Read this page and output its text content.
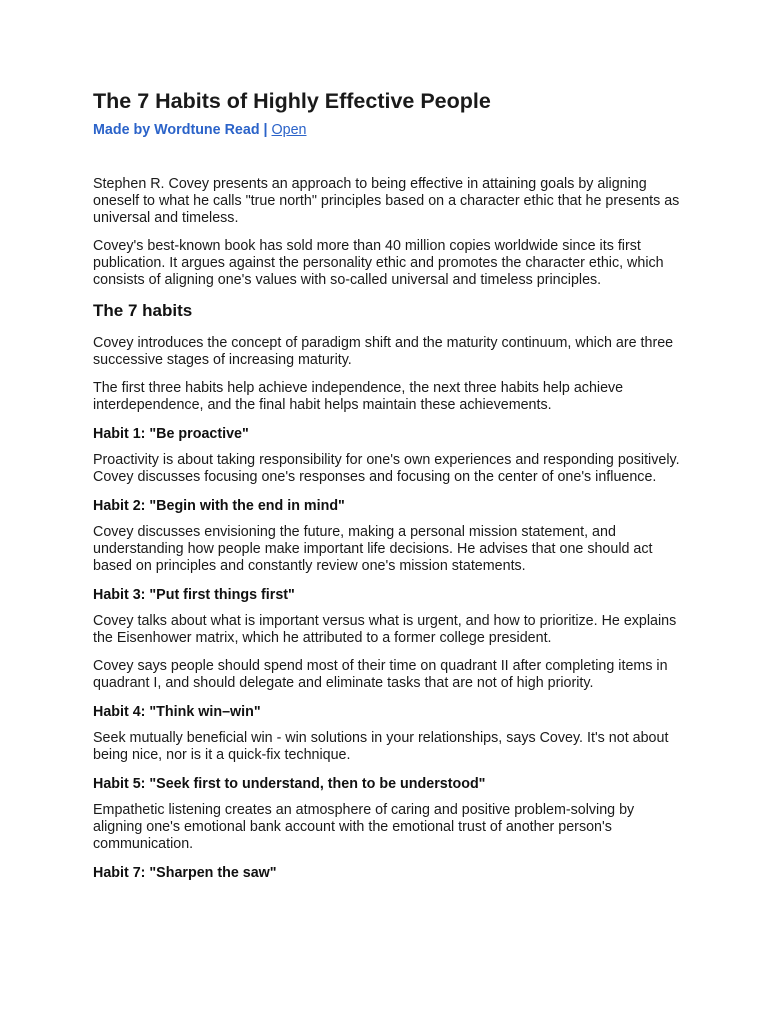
The 7 Habits of Highly Effective People
Made by Wordtune Read | Open

Stephen R. Covey presents an approach to being effective in attaining goals by aligning oneself to what he calls "true north" principles based on a character ethic that he presents as universal and timeless.

Covey's best-known book has sold more than 40 million copies worldwide since its first publication. It argues against the personality ethic and promotes the character ethic, which consists of aligning one's values with so-called universal and timeless principles.

The 7 habits

Covey introduces the concept of paradigm shift and the maturity continuum, which are three successive stages of increasing maturity.

The first three habits help achieve independence, the next three habits help achieve interdependence, and the final habit helps maintain these achievements.

Habit 1: "Be proactive"

Proactivity is about taking responsibility for one's own experiences and responding positively. Covey discusses focusing one's responses and focusing on the center of one's influence.

Habit 2: "Begin with the end in mind"

Covey discusses envisioning the future, making a personal mission statement, and understanding how people make important life decisions. He advises that one should act based on principles and constantly review one's mission statements.

Habit 3: "Put first things first"

Covey talks about what is important versus what is urgent, and how to prioritize. He explains the Eisenhower matrix, which he attributed to a former college president.

Covey says people should spend most of their time on quadrant II after completing items in quadrant I, and should delegate and eliminate tasks that are not of high priority.

Habit 4: "Think win–win"

Seek mutually beneficial win - win solutions in your relationships, says Covey. It's not about being nice, nor is it a quick-fix technique.

Habit 5: "Seek first to understand, then to be understood"

Empathetic listening creates an atmosphere of caring and positive problem-solving by aligning one's emotional bank account with the emotional trust of another person's communication.

Habit 7: "Sharpen the saw"
